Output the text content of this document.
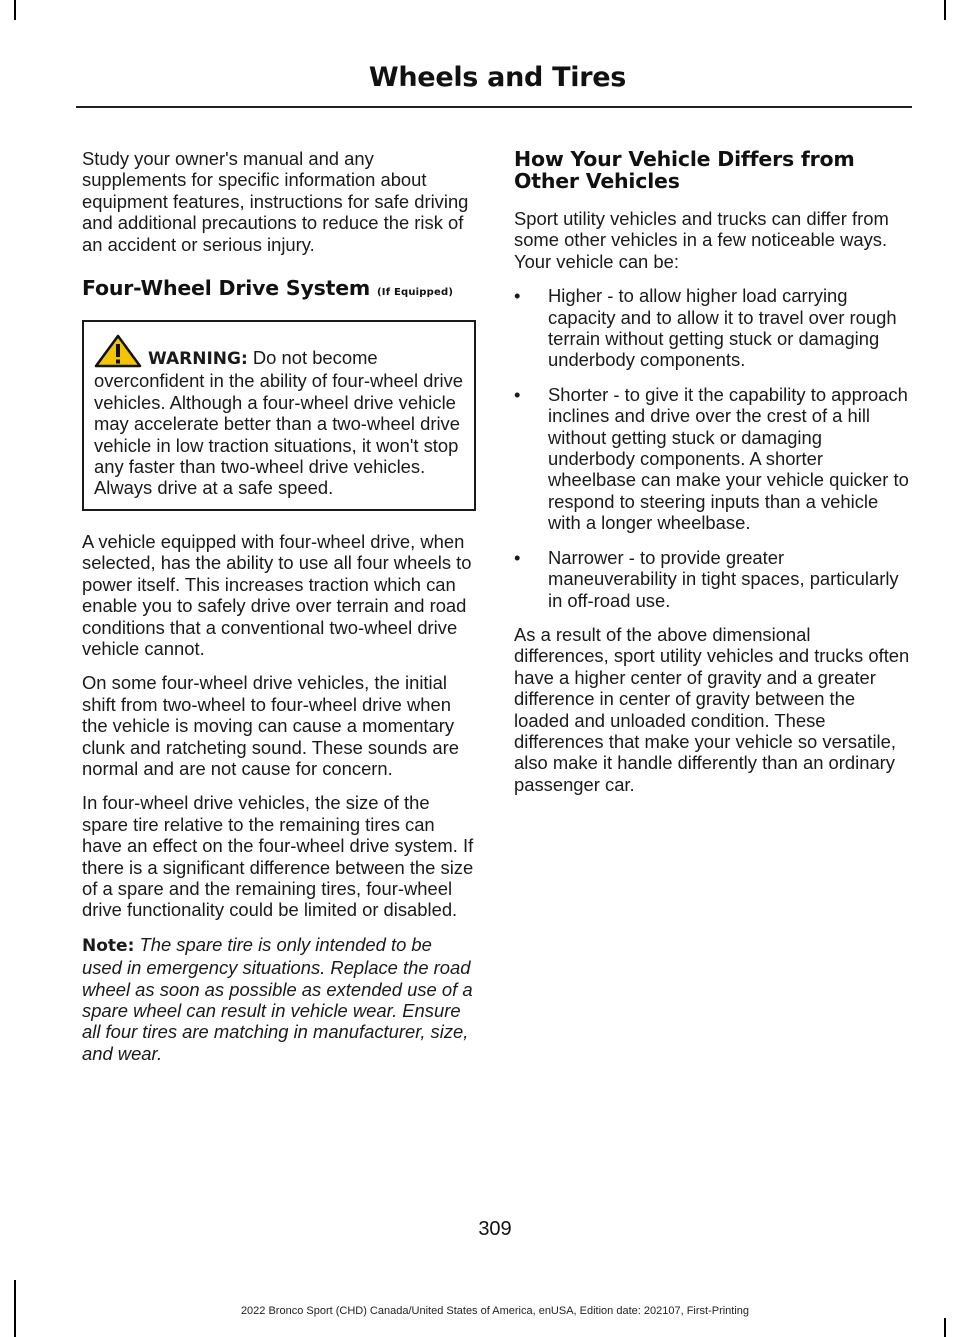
Wheels and Tires

Study your owner's manual and any supplements for specific information about equipment features, instructions for safe driving and additional precautions to reduce the risk of an accident or serious injury.

Four-Wheel Drive System (If Equipped)

WARNING: Do not become overconfident in the ability of four-wheel drive vehicles. Although a four-wheel drive vehicle may accelerate better than a two-wheel drive vehicle in low traction situations, it won't stop any faster than two-wheel drive vehicles. Always drive at a safe speed.

A vehicle equipped with four-wheel drive, when selected, has the ability to use all four wheels to power itself. This increases traction which can enable you to safely drive over terrain and road conditions that a conventional two-wheel drive vehicle cannot.

On some four-wheel drive vehicles, the initial shift from two-wheel to four-wheel drive when the vehicle is moving can cause a momentary clunk and ratcheting sound. These sounds are normal and are not cause for concern.

In four-wheel drive vehicles, the size of the spare tire relative to the remaining tires can have an effect on the four-wheel drive system. If there is a significant difference between the size of a spare and the remaining tires, four-wheel drive functionality could be limited or disabled.

Note: The spare tire is only intended to be used in emergency situations. Replace the road wheel as soon as possible as extended use of a spare wheel can result in vehicle wear. Ensure all four tires are matching in manufacturer, size, and wear.

How Your Vehicle Differs from Other Vehicles

Sport utility vehicles and trucks can differ from some other vehicles in a few noticeable ways. Your vehicle can be:

• Higher - to allow higher load carrying capacity and to allow it to travel over rough terrain without getting stuck or damaging underbody components.
• Shorter - to give it the capability to approach inclines and drive over the crest of a hill without getting stuck or damaging underbody components. A shorter wheelbase can make your vehicle quicker to respond to steering inputs than a vehicle with a longer wheelbase.
• Narrower - to provide greater maneuverability in tight spaces, particularly in off-road use.

As a result of the above dimensional differences, sport utility vehicles and trucks often have a higher center of gravity and a greater difference in center of gravity between the loaded and unloaded condition. These differences that make your vehicle so versatile, also make it handle differently than an ordinary passenger car.

309
2022 Bronco Sport (CHD) Canada/United States of America, enUSA, Edition date: 202107, First-Printing
